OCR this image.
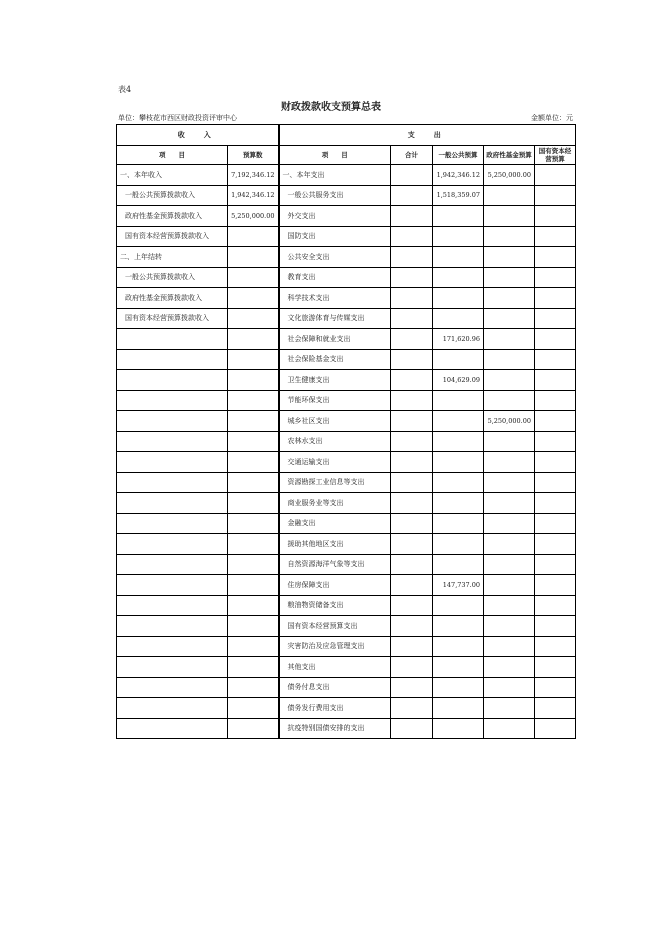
表4
财政拨款收支预算总表
单位：攀枝花市西区财政投资评审中心	金额单位：元
收　入		支　出				
项　　目	预算数	项　　目	合计	一般公共预算	政府性基金预算	国有资本经营预算
一、本年收入	7,192,346.12	一、本年支出		1,942,346.12	5,250,000.00	
一般公共预算拨款收入	1,942,346.12	一般公共服务支出		1,518,359.07		
政府性基金预算拨款收入	5,250,000.00	外交支出				
国有资本经营预算拨款收入		国防支出				
二、上年结转		公共安全支出				
一般公共预算拨款收入		教育支出				
政府性基金预算拨款收入		科学技术支出				
国有资本经营预算拨款收入		文化旅游体育与传媒支出				
		社会保障和就业支出		171,620.96		
		社会保险基金支出				
		卫生健康支出		104,629.09		
		节能环保支出				
		城乡社区支出			5,250,000.00	
		农林水支出				
		交通运输支出				
		资源勘探工业信息等支出				
		商业服务业等支出				
		金融支出				
		援助其他地区支出				
		自然资源海洋气象等支出				
		住房保障支出		147,737.00		
		粮油物资储备支出				
		国有资本经营预算支出				
		灾害防治及应急管理支出				
		其他支出				
		债务付息支出				
		债务发行费用支出				
		抗疫特别国债安排的支出				
